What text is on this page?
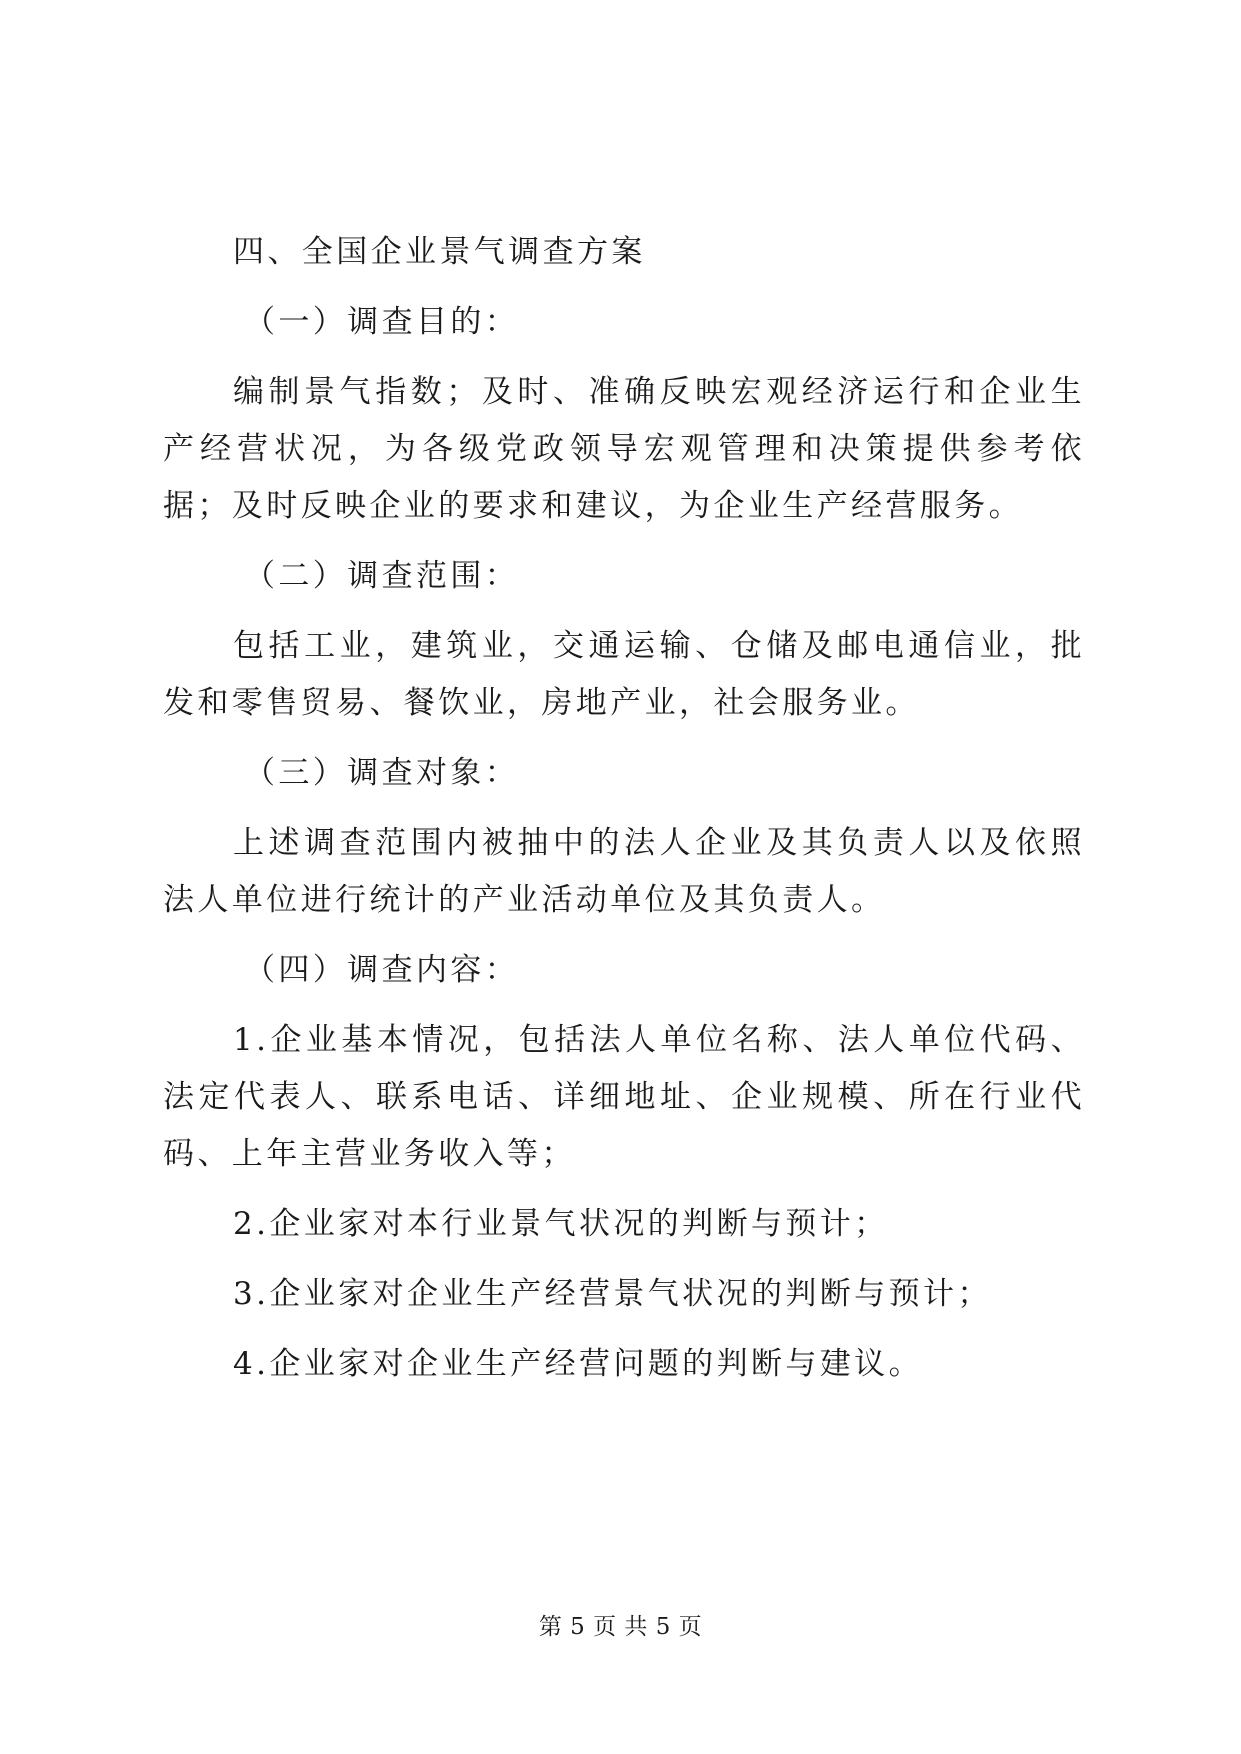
四、全国企业景气调查方案

（一）调查目的：

编制景气指数；及时、准确反映宏观经济运行和企业生产经营状况，为各级党政领导宏观管理和决策提供参考依据；及时反映企业的要求和建议，为企业生产经营服务。

（二）调查范围：

包括工业，建筑业，交通运输、仓储及邮电通信业，批发和零售贸易、餐饮业，房地产业，社会服务业。

（三）调查对象：

上述调查范围内被抽中的法人企业及其负责人以及依照法人单位进行统计的产业活动单位及其负责人。

（四）调查内容：

1.企业基本情况，包括法人单位名称、法人单位代码、法定代表人、联系电话、详细地址、企业规模、所在行业代码、上年主营业务收入等；

2.企业家对本行业景气状况的判断与预计；

3.企业家对企业生产经营景气状况的判断与预计；

4.企业家对企业生产经营问题的判断与建议。

第 5 页 共 5 页
